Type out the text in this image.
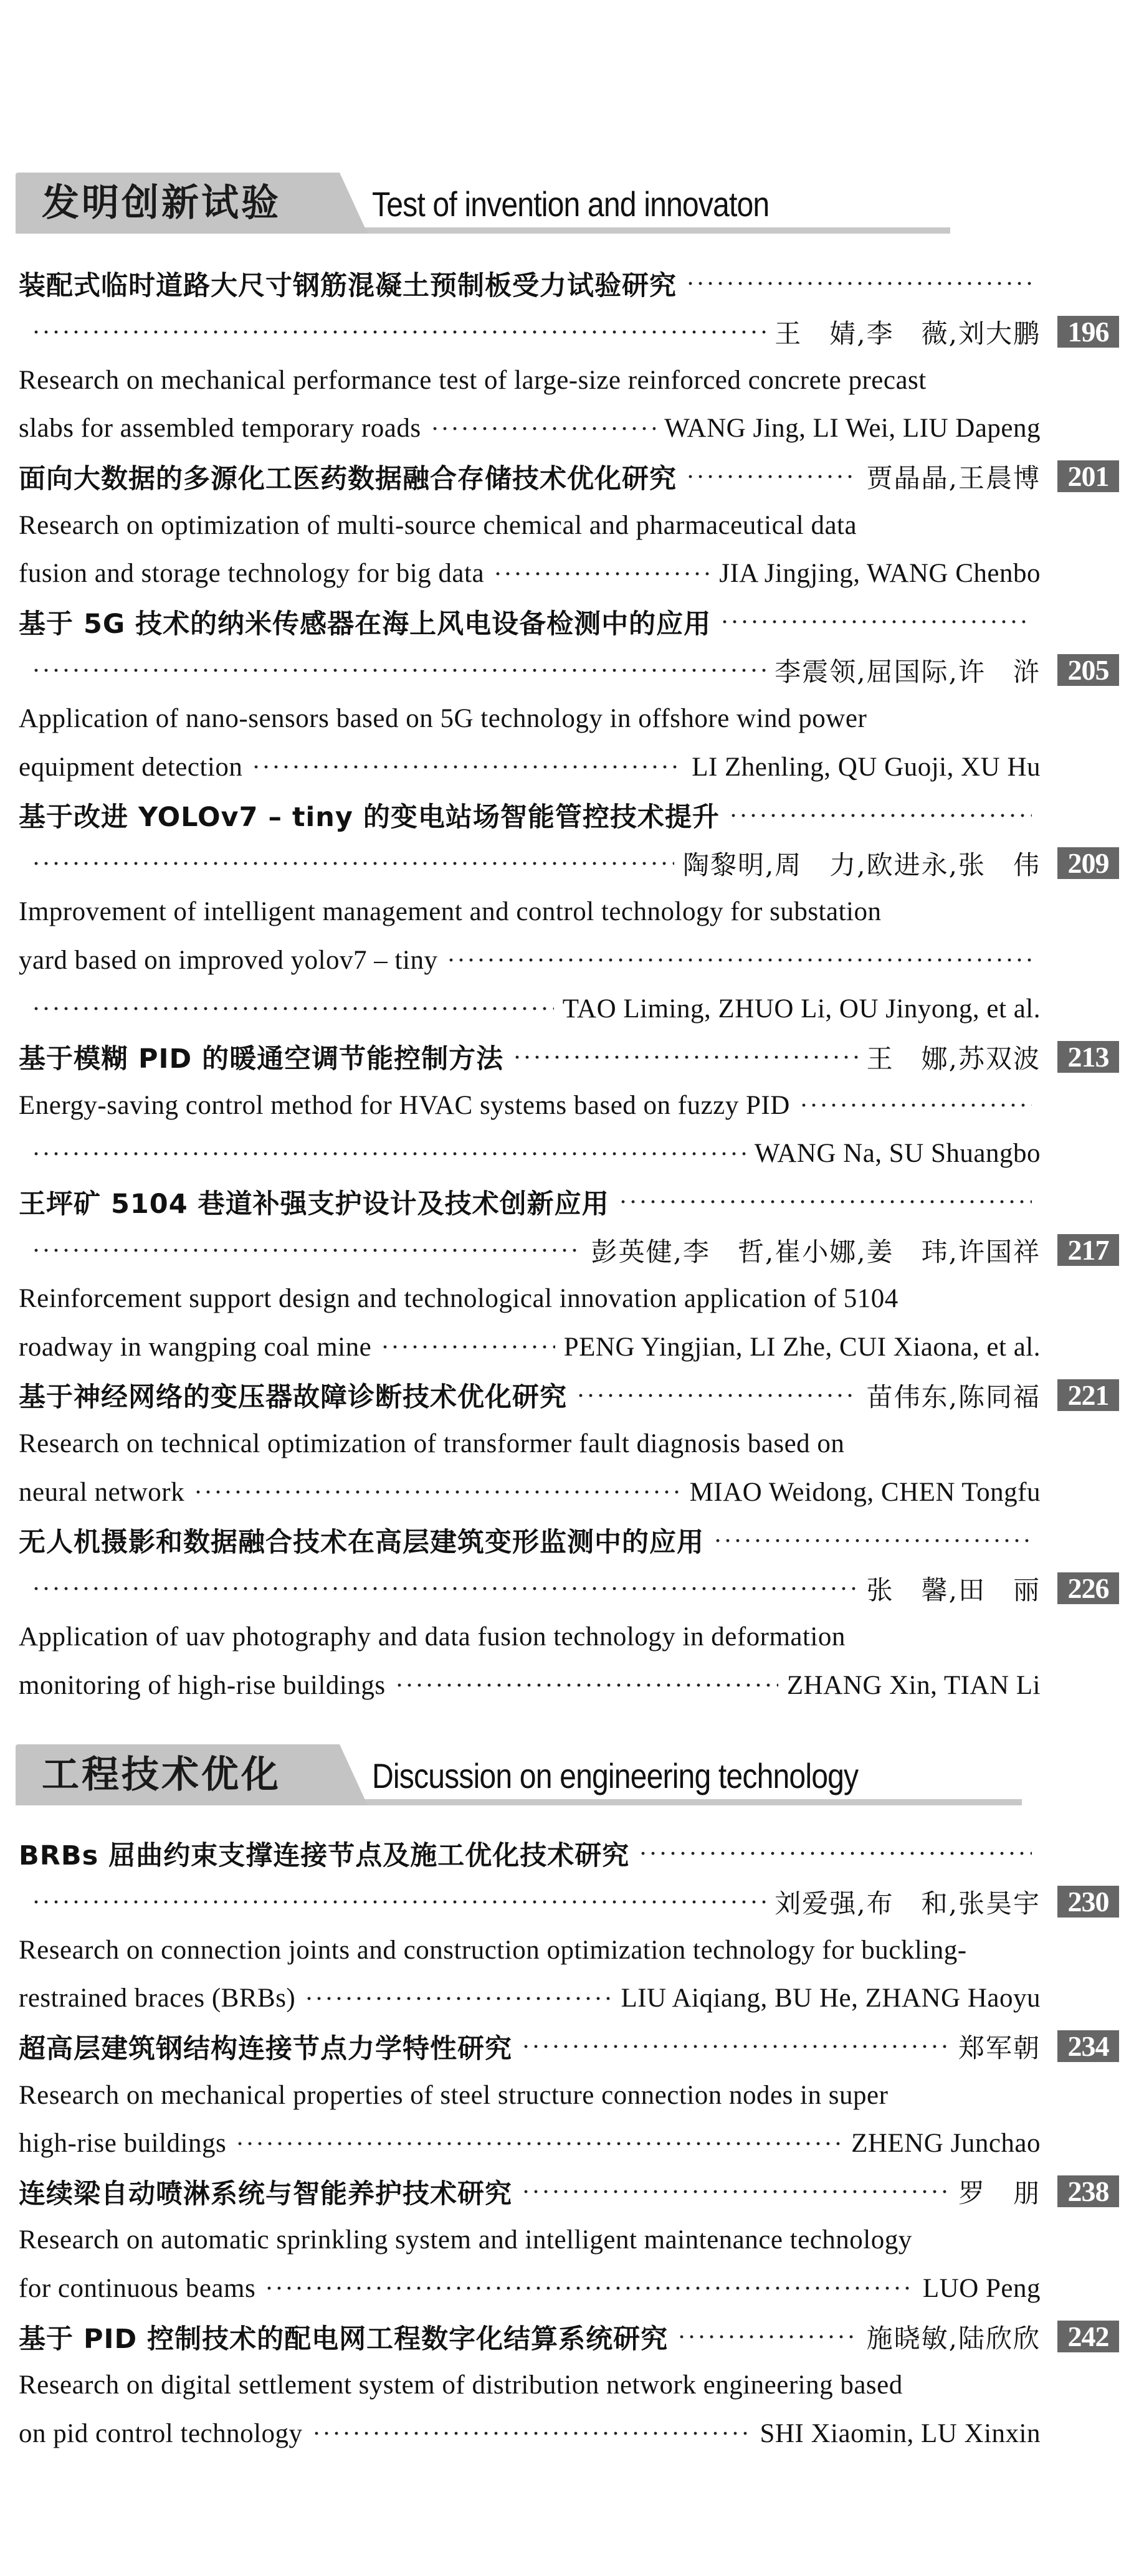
发明创新试验	Test of invention and innovaton
工程技术优化	Discussion on engineering technology
装配式临时道路大尺寸钢筋混凝土预制板受力试验研究
王　婧,李　薇,刘大鹏 196
Research on mechanical performance test of large-size reinforced concrete precast
slabs for assembled temporary roads	WANG Jing, LI Wei, LIU Dapeng
面向大数据的多源化工医药数据融合存储技术优化研究	贾晶晶,王晨博 201
Research on optimization of multi-source chemical and pharmaceutical data
fusion and storage technology for big data	JIA Jingjing, WANG Chenbo
基于 5G 技术的纳米传感器在海上风电设备检测中的应用
李震领,屈国际,许　浒 205
Application of nano-sensors based on 5G technology in offshore wind power
equipment detection	LI Zhenling, QU Guoji, XU Hu
基于改进 YOLOv7 – tiny 的变电站场智能管控技术提升
陶黎明,周　力,欧进永,张　伟 209
Improvement of intelligent management and control technology for substation
yard based on improved yolov7 – tiny
TAO Liming, ZHUO Li, OU Jinyong, et al.
基于模糊 PID 的暖通空调节能控制方法	王　娜,苏双波 213
Energy-saving control method for HVAC systems based on fuzzy PID
WANG Na, SU Shuangbo
王坪矿 5104 巷道补强支护设计及技术创新应用
彭英健,李　哲,崔小娜,姜　玮,许国祥 217
Reinforcement support design and technological innovation application of 5104
roadway in wangping coal mine	PENG Yingjian, LI Zhe, CUI Xiaona, et al.
基于神经网络的变压器故障诊断技术优化研究	苗伟东,陈同福 221
Research on technical optimization of transformer fault diagnosis based on
neural network	MIAO Weidong, CHEN Tongfu
无人机摄影和数据融合技术在高层建筑变形监测中的应用
张　馨,田　丽 226
Application of uav photography and data fusion technology in deformation
monitoring of high-rise buildings	ZHANG Xin, TIAN Li
BRBs 屈曲约束支撑连接节点及施工优化技术研究
刘爱强,布　和,张昊宇 230
Research on connection joints and construction optimization technology for buckling-
restrained braces (BRBs)	LIU Aiqiang, BU He, ZHANG Haoyu
超高层建筑钢结构连接节点力学特性研究	郑军朝 234
Research on mechanical properties of steel structure connection nodes in super
high-rise buildings	ZHENG Junchao
连续梁自动喷淋系统与智能养护技术研究	罗　朋 238
Research on automatic sprinkling system and intelligent maintenance technology
for continuous beams	LUO Peng
基于 PID 控制技术的配电网工程数字化结算系统研究	施晓敏,陆欣欣 242
Research on digital settlement system of distribution network engineering based
on pid control technology	SHI Xiaomin, LU Xinxin
